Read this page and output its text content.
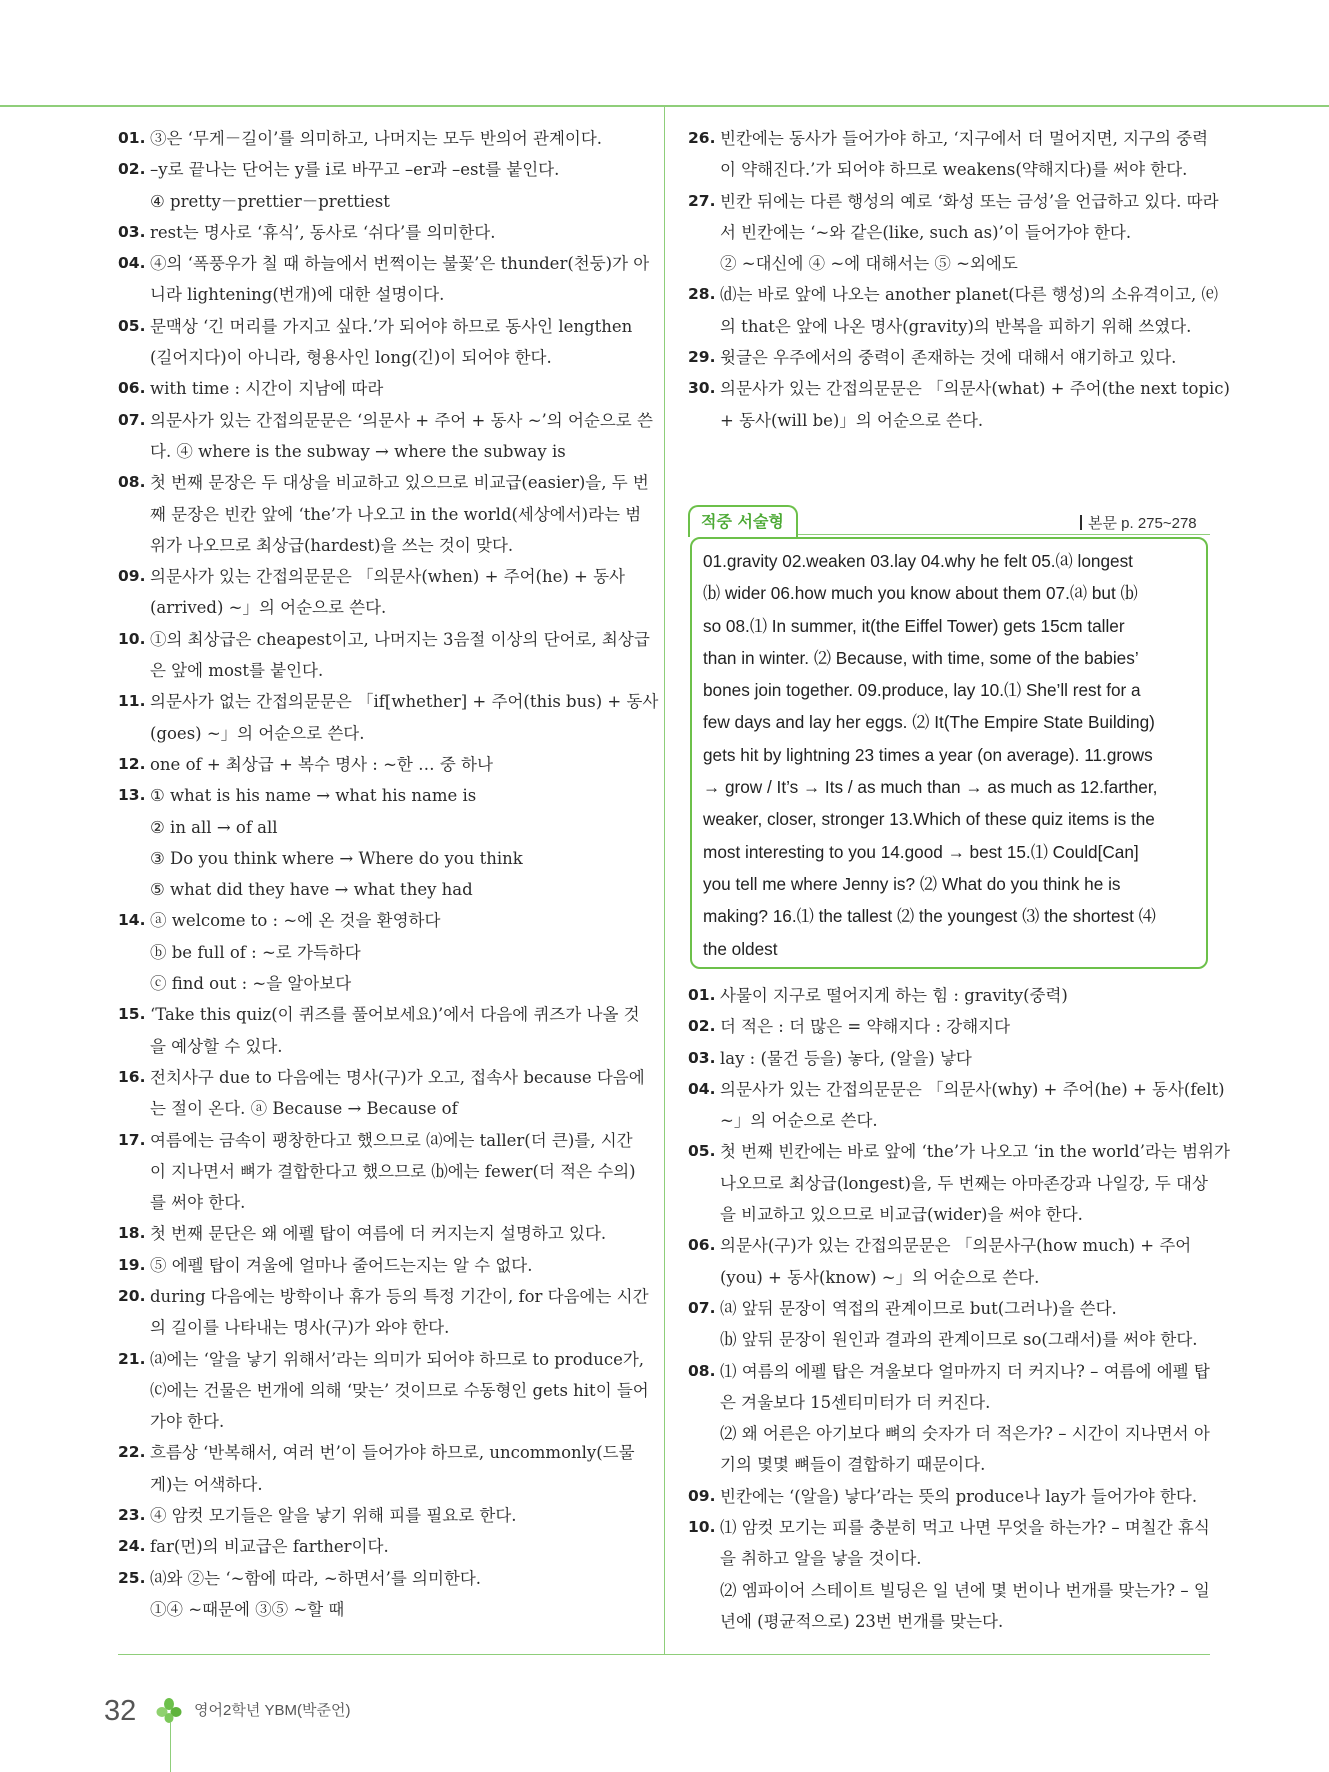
01. ③은 ‘무게－길이’를 의미하고, 나머지는 모두 반의어 관계이다.
02. –y로 끝나는 단어는 y를 i로 바꾸고 –er과 –est를 붙인다.
④ pretty－prettier－prettiest
03. rest는 명사로 ‘휴식’, 동사로 ‘쉬다’를 의미한다.
04. ④의 ‘폭풍우가 칠 때 하늘에서 번쩍이는 불꽃’은 thunder(천둥)가 아
니라 lightening(번개)에 대한 설명이다.
05. 문맥상 ‘긴 머리를 가지고 싶다.’가 되어야 하므로 동사인 lengthen
(길어지다)이 아니라, 형용사인 long(긴)이 되어야 한다.
06. with time : 시간이 지남에 따라
07. 의문사가 있는 간접의문문은 ‘의문사 + 주어 + 동사 ~’의 어순으로 쓴
다. ④ where is the subway → where the subway is
08. 첫 번째 문장은 두 대상을 비교하고 있으므로 비교급(easier)을, 두 번
째 문장은 빈칸 앞에 ‘the’가 나오고 in the world(세상에서)라는 범
위가 나오므로 최상급(hardest)을 쓰는 것이 맞다.
09. 의문사가 있는 간접의문문은 「의문사(when) + 주어(he) + 동사
(arrived) ~」의 어순으로 쓴다.
10. ①의 최상급은 cheapest이고, 나머지는 3음절 이상의 단어로, 최상급
은 앞에 most를 붙인다.
11. 의문사가 없는 간접의문문은 「if[whether] + 주어(this bus) + 동사
(goes) ~」의 어순으로 쓴다.
12. one of + 최상급 + 복수 명사 : ~한 … 중 하나
13. ① what is his name → what his name is
② in all → of all
③ Do you think where → Where do you think
⑤ what did they have → what they had
14. ⓐ welcome to : ~에 온 것을 환영하다
ⓑ be full of : ~로 가득하다
ⓒ find out : ~을 알아보다
15. ‘Take this quiz(이 퀴즈를 풀어보세요)’에서 다음에 퀴즈가 나올 것
을 예상할 수 있다.
16. 전치사구 due to 다음에는 명사(구)가 오고, 접속사 because 다음에
는 절이 온다. ⓐ Because → Because of
17. 여름에는 금속이 팽창한다고 했으므로 ⒜에는 taller(더 큰)를, 시간
이 지나면서 뼈가 결합한다고 했으므로 ⒝에는 fewer(더 적은 수의)
를 써야 한다.
18. 첫 번째 문단은 왜 에펠 탑이 여름에 더 커지는지 설명하고 있다.
19. ⑤ 에펠 탑이 겨울에 얼마나 줄어드는지는 알 수 없다.
20. during 다음에는 방학이나 휴가 등의 특정 기간이, for 다음에는 시간
의 길이를 나타내는 명사(구)가 와야 한다.
21. ⒜에는 ‘알을 낳기 위해서’라는 의미가 되어야 하므로 to produce가,
⒞에는 건물은 번개에 의해 ‘맞는’ 것이므로 수동형인 gets hit이 들어
가야 한다.
22. 흐름상 ‘반복해서, 여러 번’이 들어가야 하므로, uncommonly(드물
게)는 어색하다.
23. ④ 암컷 모기들은 알을 낳기 위해 피를 필요로 한다.
24. far(먼)의 비교급은 farther이다.
25. ⒜와 ②는 ‘~함에 따라, ~하면서’를 의미한다.
①④ ~때문에 ③⑤ ~할 때
26. 빈칸에는 동사가 들어가야 하고, ‘지구에서 더 멀어지면, 지구의 중력
이 약해진다.’가 되어야 하므로 weakens(약해지다)를 써야 한다.
27. 빈칸 뒤에는 다른 행성의 예로 ‘화성 또는 금성’을 언급하고 있다. 따라
서 빈칸에는 ‘~와 같은(like, such as)’이 들어가야 한다.
② ~대신에 ④ ~에 대해서는 ⑤ ~외에도
28. ⒟는 바로 앞에 나오는 another planet(다른 행성)의 소유격이고, ⒠
의 that은 앞에 나온 명사(gravity)의 반복을 피하기 위해 쓰였다.
29. 윗글은 우주에서의 중력이 존재하는 것에 대해서 얘기하고 있다.
30. 의문사가 있는 간접의문문은 「의문사(what) + 주어(the next topic)
+ 동사(will be)」의 어순으로 쓴다.
적중 서술형	본문 p. 275~278
01.gravity 02.weaken 03.lay 04.why he felt 05.⒜ longest
⒝ wider 06.how much you know about them 07.⒜ but ⒝
so 08.⑴ In summer, it(the Eiffel Tower) gets 15cm taller
than in winter. ⑵ Because, with time, some of the babies’
bones join together. 09.produce, lay 10.⑴ She’ll rest for a
few days and lay her eggs. ⑵ It(The Empire State Building)
gets hit by lightning 23 times a year (on average). 11.grows
→ grow / It’s → Its / as much than → as much as 12.farther,
weaker, closer, stronger 13.Which of these quiz items is the
most interesting to you 14.good → best 15.⑴ Could[Can]
you tell me where Jenny is? ⑵ What do you think he is
making? 16.⑴ the tallest ⑵ the youngest ⑶ the shortest ⑷
the oldest
01. 사물이 지구로 떨어지게 하는 힘 : gravity(중력)
02. 더 적은 : 더 많은 = 약해지다 : 강해지다
03. lay : (물건 등을) 놓다, (알을) 낳다
04. 의문사가 있는 간접의문문은 「의문사(why) + 주어(he) + 동사(felt)
~」의 어순으로 쓴다.
05. 첫 번째 빈칸에는 바로 앞에 ‘the’가 나오고 ‘in the world’라는 범위가
나오므로 최상급(longest)을, 두 번째는 아마존강과 나일강, 두 대상
을 비교하고 있으므로 비교급(wider)을 써야 한다.
06. 의문사(구)가 있는 간접의문문은 「의문사구(how much) + 주어
(you) + 동사(know) ~」의 어순으로 쓴다.
07. ⒜ 앞뒤 문장이 역접의 관계이므로 but(그러나)을 쓴다.
⒝ 앞뒤 문장이 원인과 결과의 관계이므로 so(그래서)를 써야 한다.
08. ⑴ 여름의 에펠 탑은 겨울보다 얼마까지 더 커지나? – 여름에 에펠 탑
은 겨울보다 15센티미터가 더 커진다.
⑵ 왜 어른은 아기보다 뼈의 숫자가 더 적은가? – 시간이 지나면서 아
기의 몇몇 뼈들이 결합하기 때문이다.
09. 빈칸에는 ‘(알을) 낳다’라는 뜻의 produce나 lay가 들어가야 한다.
10. ⑴ 암컷 모기는 피를 충분히 먹고 나면 무엇을 하는가? – 며칠간 휴식
을 취하고 알을 낳을 것이다.
⑵ 엠파이어 스테이트 빌딩은 일 년에 몇 번이나 번개를 맞는가? – 일
년에 (평균적으로) 23번 번개를 맞는다.
32	영어2학년 YBM(박준언)
